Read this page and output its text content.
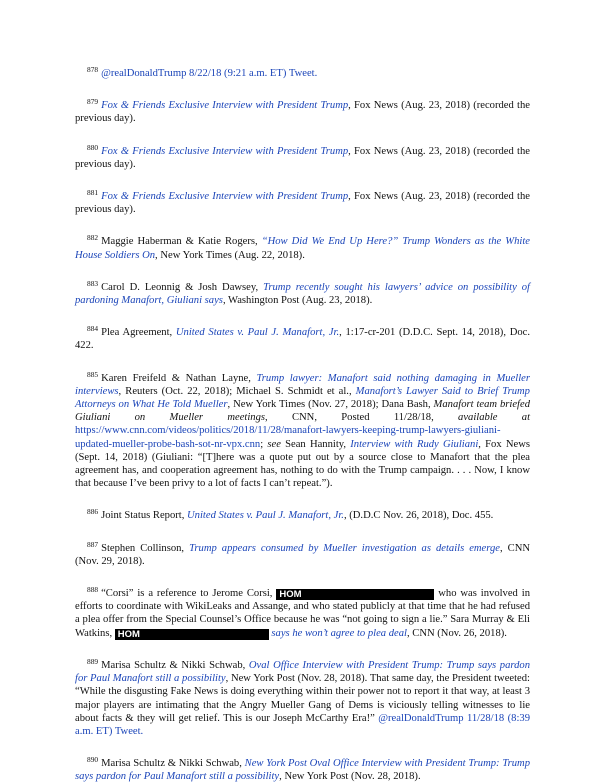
878 @realDonaldTrump 8/22/18 (9:21 a.m. ET) Tweet.

879 Fox & Friends Exclusive Interview with President Trump, Fox News (Aug. 23, 2018) (recorded the previous day).

880 Fox & Friends Exclusive Interview with President Trump, Fox News (Aug. 23, 2018) (recorded the previous day).

881 Fox & Friends Exclusive Interview with President Trump, Fox News (Aug. 23, 2018) (recorded the previous day).

882 Maggie Haberman & Katie Rogers, “How Did We End Up Here?” Trump Wonders as the White House Soldiers On, New York Times (Aug. 22, 2018).

883 Carol D. Leonnig & Josh Dawsey, Trump recently sought his lawyers’ advice on possibility of pardoning Manafort, Giuliani says, Washington Post (Aug. 23, 2018).

884 Plea Agreement, United States v. Paul J. Manafort, Jr., 1:17-cr-201 (D.D.C. Sept. 14, 2018), Doc. 422.

885 Karen Freifeld & Nathan Layne, Trump lawyer: Manafort said nothing damaging in Mueller interviews, Reuters (Oct. 22, 2018); Michael S. Schmidt et al., Manafort’s Lawyer Said to Brief Trump Attorneys on What He Told Mueller, New York Times (Nov. 27, 2018); Dana Bash, Manafort team briefed Giuliani on Mueller meetings, CNN, Posted 11/28/18, available at https://www.cnn.com/videos/politics/2018/11/28/manafort-lawyers-keeping-trump-lawyers-giuliani-updated-mueller-probe-bash-sot-nr-vpx.cnn; see Sean Hannity, Interview with Rudy Giuliani, Fox News (Sept. 14, 2018) (Giuliani: “[T]here was a quote put out by a source close to Manafort that the plea agreement has, and cooperation agreement has, nothing to do with the Trump campaign. . . . Now, I know that because I’ve been privy to a lot of facts I can’t repeat.”).

886 Joint Status Report, United States v. Paul J. Manafort, Jr., (D.D.C Nov. 26, 2018), Doc. 455.

887 Stephen Collinson, Trump appears consumed by Mueller investigation as details emerge, CNN (Nov. 29, 2018).

888 “Corsi” is a reference to Jerome Corsi, HOM	who was involved in efforts to coordinate with WikiLeaks and Assange, and who stated publicly at that time that he had refused a plea offer from the Special Counsel’s Office because he was “not going to sign a lie.” Sara Murray & Eli Watkins, HOM	says he won’t agree to plea deal, CNN (Nov. 26, 2018).

889 Marisa Schultz & Nikki Schwab, Oval Office Interview with President Trump: Trump says pardon for Paul Manafort still a possibility, New York Post (Nov. 28, 2018). That same day, the President tweeted: “While the disgusting Fake News is doing everything within their power not to report it that way, at least 3 major players are intimating that the Angry Mueller Gang of Dems is viciously telling witnesses to lie about facts & they will get relief. This is our Joseph McCarthy Era!” @realDonaldTrump 11/28/18 (8:39 a.m. ET) Tweet.

890 Marisa Schultz & Nikki Schwab, New York Post Oval Office Interview with President Trump: Trump says pardon for Paul Manafort still a possibility, New York Post (Nov. 28, 2018).
